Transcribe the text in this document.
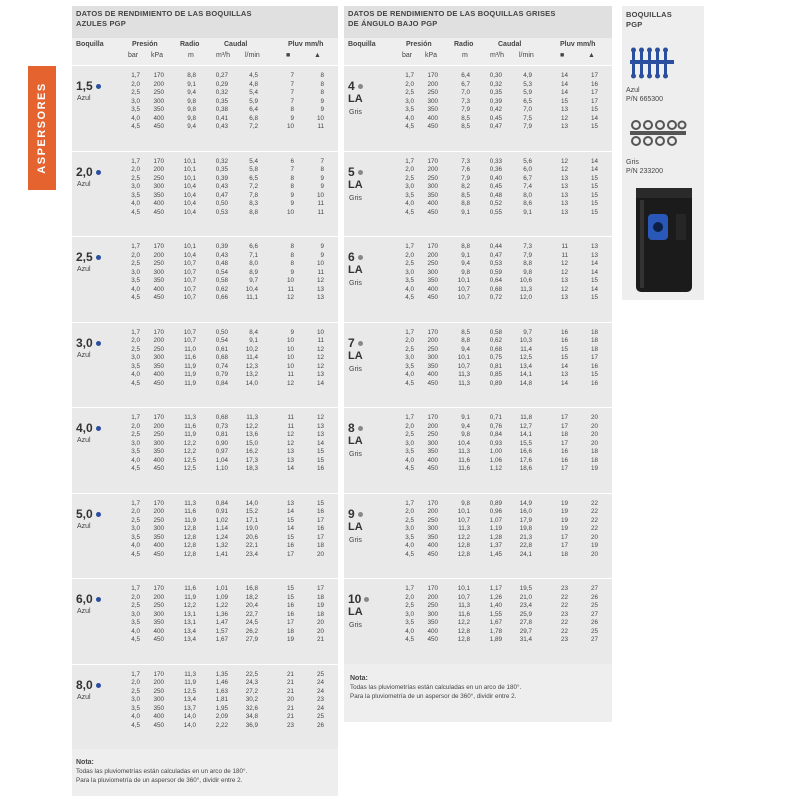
ASPERSORES
DATOS DE RENDIMIENTO DE LAS BOQUILLAS
AZULES PGP
Boquilla	Presión	Radio	Caudal	Pluv mm/h
bar kPa	m	m³/h l/min	■	▲
Nota:
Todas las pluviometrías están calculadas en un arco de 180°.
Para la pluviometría de un aspersor de 360°, dividir entre 2.
1,5
Azul
1,7	170	8,8	0,27	4,5	7	8
2,0	200	9,1	0,29	4,8	7	8
2,5	250	9,4	0,32	5,4	7	8
3,0	300	9,8	0,35	5,9	7	9
3,5	350	9,8	0,38	6,4	8	9
4,0	400	9,8	0,41	6,8	9	10
4,5	450	9,4	0,43	7,2	10	11
2,0
Azul
1,7	170	10,1	0,32	5,4	6	7
2,0	200	10,1	0,35	5,8	7	8
2,5	250	10,1	0,39	6,5	8	9
3,0	300	10,4	0,43	7,2	8	9
3,5	350	10,4	0,47	7,8	9	10
4,0	400	10,4	0,50	8,3	9	11
4,5	450	10,4	0,53	8,8	10	11
2,5
Azul
1,7	170	10,1	0,39	6,6	8	9
2,0	200	10,4	0,43	7,1	8	9
2,5	250	10,7	0,48	8,0	8	10
3,0	300	10,7	0,54	8,9	9	11
3,5	350	10,7	0,58	9,7	10	12
4,0	400	10,7	0,62	10,4	11	13
4,5	450	10,7	0,66	11,1	12	13
3,0
Azul
1,7	170	10,7	0,50	8,4	9	10
2,0	200	10,7	0,54	9,1	10	11
2,5	250	11,0	0,61	10,2	10	12
3,0	300	11,6	0,68	11,4	10	12
3,5	350	11,9	0,74	12,3	10	12
4,0	400	11,9	0,79	13,2	11	13
4,5	450	11,9	0,84	14,0	12	14
4,0
Azul
1,7	170	11,3	0,68	11,3	11	12
2,0	200	11,6	0,73	12,2	11	13
2,5	250	11,9	0,81	13,6	12	13
3,0	300	12,2	0,90	15,0	12	14
3,5	350	12,2	0,97	16,2	13	15
4,0	400	12,5	1,04	17,3	13	15
4,5	450	12,5	1,10	18,3	14	16
5,0
Azul
1,7	170	11,3	0,84	14,0	13	15
2,0	200	11,6	0,91	15,2	14	16
2,5	250	11,9	1,02	17,1	15	17
3,0	300	12,8	1,14	19,0	14	16
3,5	350	12,8	1,24	20,6	15	17
4,0	400	12,8	1,32	22,1	16	18
4,5	450	12,8	1,41	23,4	17	20
6,0
Azul
1,7	170	11,6	1,01	16,8	15	17
2,0	200	11,9	1,09	18,2	15	18
2,5	250	12,2	1,22	20,4	16	19
3,0	300	13,1	1,36	22,7	16	18
3,5	350	13,1	1,47	24,5	17	20
4,0	400	13,4	1,57	26,2	18	20
4,5	450	13,4	1,67	27,9	19	21
8,0
Azul
1,7	170	11,3	1,35	22,5	21	25
2,0	200	11,9	1,46	24,3	21	24
2,5	250	12,5	1,63	27,2	21	24
3,0	300	13,4	1,81	30,2	20	23
3,5	350	13,7	1,95	32,6	21	24
4,0	400	14,0	2,09	34,8	21	25
4,5	450	14,0	2,22	36,9	23	26
DATOS DE RENDIMIENTO DE LAS BOQUILLAS GRISES
DE ÁNGULO BAJO PGP
Boquilla	Presión	Radio	Caudal	Pluv mm/h
bar kPa	m	m³/h l/min	■	▲
Nota:
Todas las pluviometrías están calculadas en un arco de 180°.
Para la pluviometría de un aspersor de 360°, dividir entre 2.
4
LA
Gris
1,7	170	6,4	0,30	4,9	14	17
2,0	200	6,7	0,32	5,3	14	16
2,5	250	7,0	0,35	5,9	14	17
3,0	300	7,3	0,39	6,5	15	17
3,5	350	7,9	0,42	7,0	13	15
4,0	400	8,5	0,45	7,5	12	14
4,5	450	8,5	0,47	7,9	13	15
5
LA
Gris
1,7	170	7,3	0,33	5,6	12	14
2,0	200	7,6	0,36	6,0	12	14
2,5	250	7,9	0,40	6,7	13	15
3,0	300	8,2	0,45	7,4	13	15
3,5	350	8,5	0,48	8,0	13	15
4,0	400	8,8	0,52	8,6	13	15
4,5	450	9,1	0,55	9,1	13	15
6
LA
Gris
1,7	170	8,8	0,44	7,3	11	13
2,0	200	9,1	0,47	7,9	11	13
2,5	250	9,4	0,53	8,8	12	14
3,0	300	9,8	0,59	9,8	12	14
3,5	350	10,1	0,64	10,6	13	15
4,0	400	10,7	0,68	11,3	12	14
4,5	450	10,7	0,72	12,0	13	15
7
LA
Gris
1,7	170	8,5	0,58	9,7	16	18
2,0	200	8,8	0,62	10,3	16	18
2,5	250	9,4	0,68	11,4	15	18
3,0	300	10,1	0,75	12,5	15	17
3,5	350	10,7	0,81	13,4	14	16
4,0	400	11,3	0,85	14,1	13	15
4,5	450	11,3	0,89	14,8	14	16
8
LA
Gris
1,7	170	9,1	0,71	11,8	17	20
2,0	200	9,4	0,76	12,7	17	20
2,5	250	9,8	0,84	14,1	18	20
3,0	300	10,4	0,93	15,5	17	20
3,5	350	11,3	1,00	16,6	16	18
4,0	400	11,6	1,06	17,6	16	18
4,5	450	11,6	1,12	18,6	17	19
9
LA
Gris
1,7	170	9,8	0,89	14,9	19	22
2,0	200	10,1	0,96	16,0	19	22
2,5	250	10,7	1,07	17,9	19	22
3,0	300	11,3	1,19	19,8	19	22
3,5	350	12,2	1,28	21,3	17	20
4,0	400	12,8	1,37	22,8	17	19
4,5	450	12,8	1,45	24,1	18	20
10
LA
Gris
1,7	170	10,1	1,17	19,5	23	27
2,0	200	10,7	1,26	21,0	22	26
2,5	250	11,3	1,40	23,4	22	25
3,0	300	11,6	1,55	25,9	23	27
3,5	350	12,2	1,67	27,8	22	26
4,0	400	12,8	1,78	29,7	22	25
4,5	450	12,8	1,89	31,4	23	27
BOQUILLAS
PGP
Azul
P/N 665300
Gris
P/N 233200
